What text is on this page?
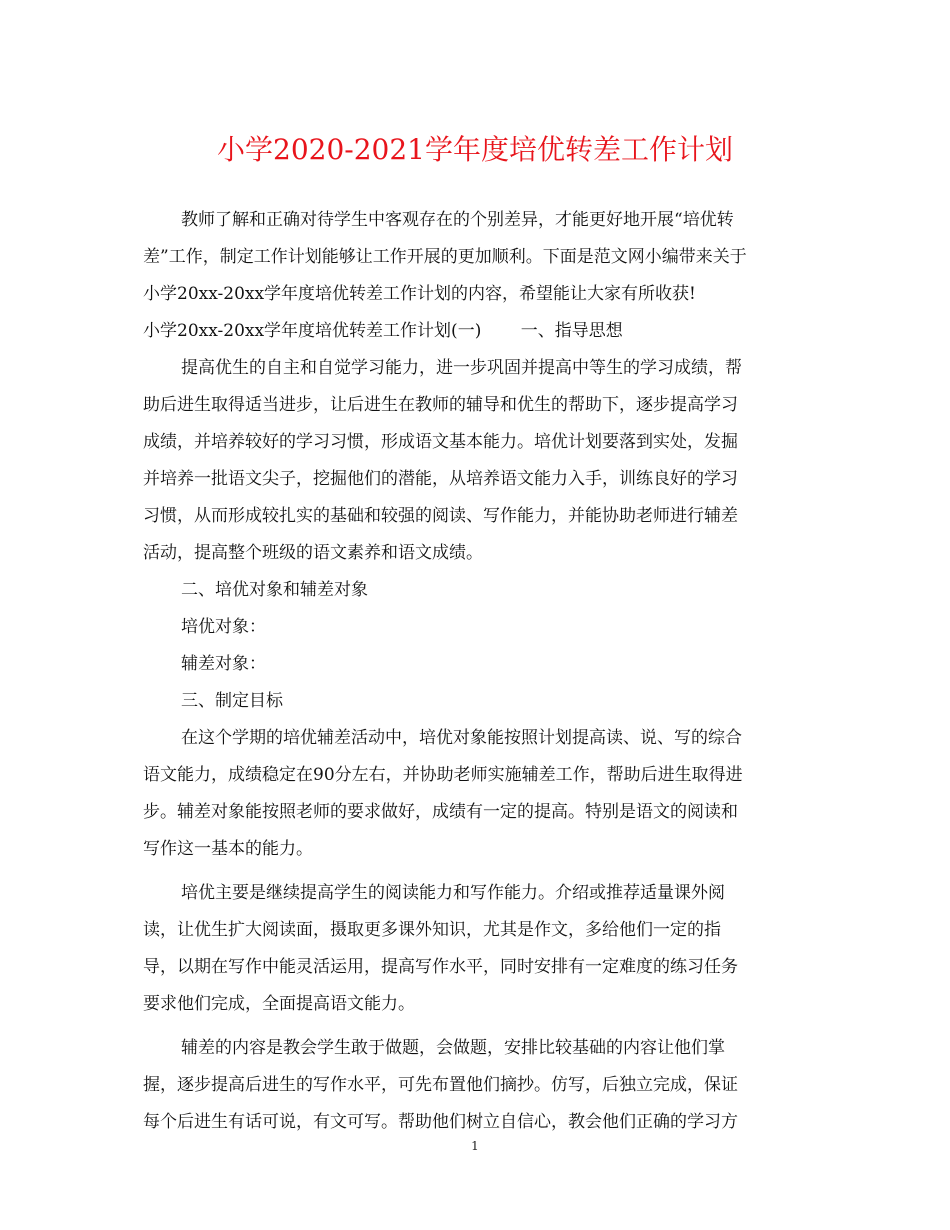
小学2020-2021学年度培优转差工作计划
教师了解和正确对待学生中客观存在的个别差异，才能更好地开展“培优转
差”工作，制定工作计划能够让工作开展的更加顺利。下面是范文网小编带来关于
小学20xx-20xx学年度培优转差工作计划的内容，希望能让大家有所收获!
小学20xx-20xx学年度培优转差工作计划(一)　　 一、指导思想
提高优生的自主和自觉学习能力，进一步巩固并提高中等生的学习成绩，帮
助后进生取得适当进步，让后进生在教师的辅导和优生的帮助下，逐步提高学习
成绩，并培养较好的学习习惯，形成语文基本能力。培优计划要落到实处，发掘
并培养一批语文尖子，挖掘他们的潜能，从培养语文能力入手，训练良好的学习
习惯，从而形成较扎实的基础和较强的阅读、写作能力，并能协助老师进行辅差
活动，提高整个班级的语文素养和语文成绩。
二、培优对象和辅差对象
培优对象：
辅差对象：
三、制定目标
在这个学期的培优辅差活动中，培优对象能按照计划提高读、说、写的综合
语文能力，成绩稳定在90分左右，并协助老师实施辅差工作，帮助后进生取得进
步。辅差对象能按照老师的要求做好，成绩有一定的提高。特别是语文的阅读和
写作这一基本的能力。
培优主要是继续提高学生的阅读能力和写作能力。介绍或推荐适量课外阅
读，让优生扩大阅读面，摄取更多课外知识，尤其是作文，多给他们一定的指
导，以期在写作中能灵活运用，提高写作水平，同时安排有一定难度的练习任务
要求他们完成，全面提高语文能力。
辅差的内容是教会学生敢于做题，会做题，安排比较基础的内容让他们掌
握，逐步提高后进生的写作水平，可先布置他们摘抄。仿写，后独立完成，保证
每个后进生有话可说，有文可写。帮助他们树立自信心，教会他们正确的学习方
1
